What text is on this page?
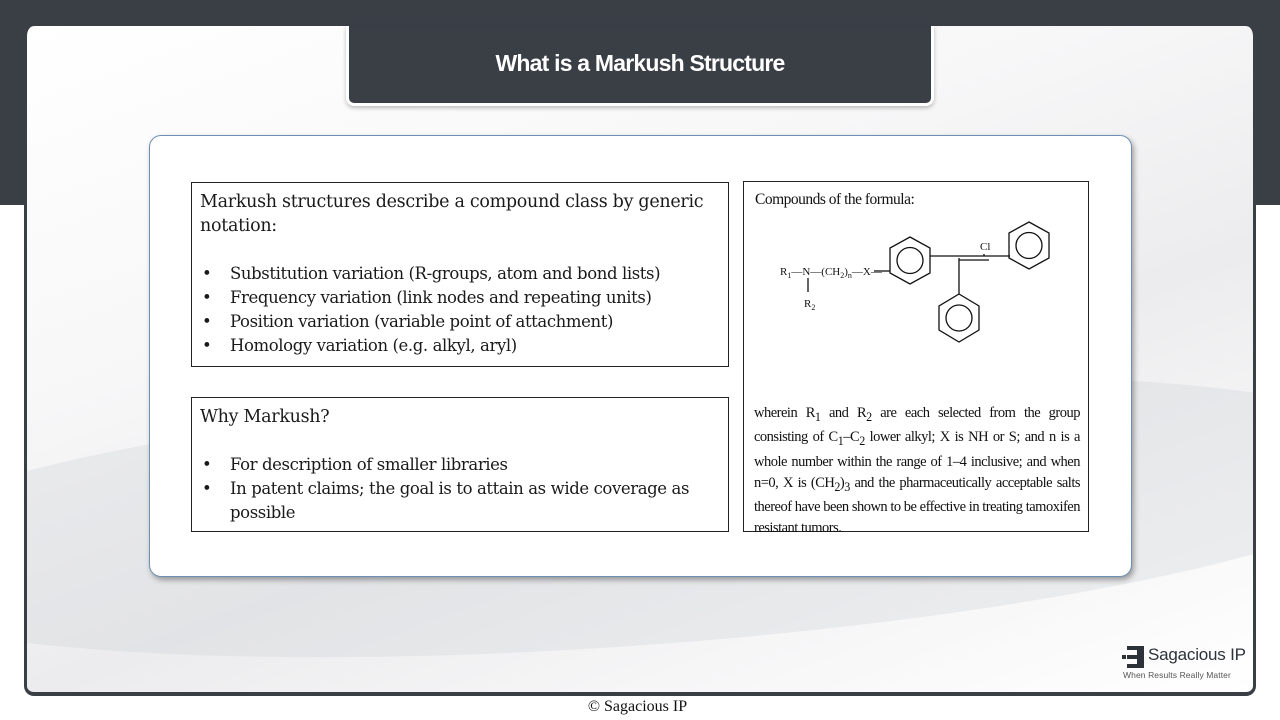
What is a Markush Structure
Markush structures describe a compound class by generic notation:
• Substitution variation (R-groups, atom and bond lists)
• Frequency variation (link nodes and repeating units)
• Position variation (variable point of attachment)
• Homology variation (e.g. alkyl, aryl)
Why Markush?
• For description of smaller libraries
• In patent claims; the goal is to attain as wide coverage as possible
Compounds of the formula:
$R_1—N—(CH_2)_n—X—$
$R_2$
Cl
wherein $R_1$ and $R_2$ are each selected from the group consisting of $C_1-C_2$ lower alkyl; X is NH or S; and n is a whole number within the range of 1–4 inclusive; and when n=0, X is $(CH_2)_3$ and the pharmaceutically acceptable salts thereof have been shown to be effective in treating tamoxifen resistant tumors.
Sagacious IP
When Results Really Matter
© Sagacious IP
